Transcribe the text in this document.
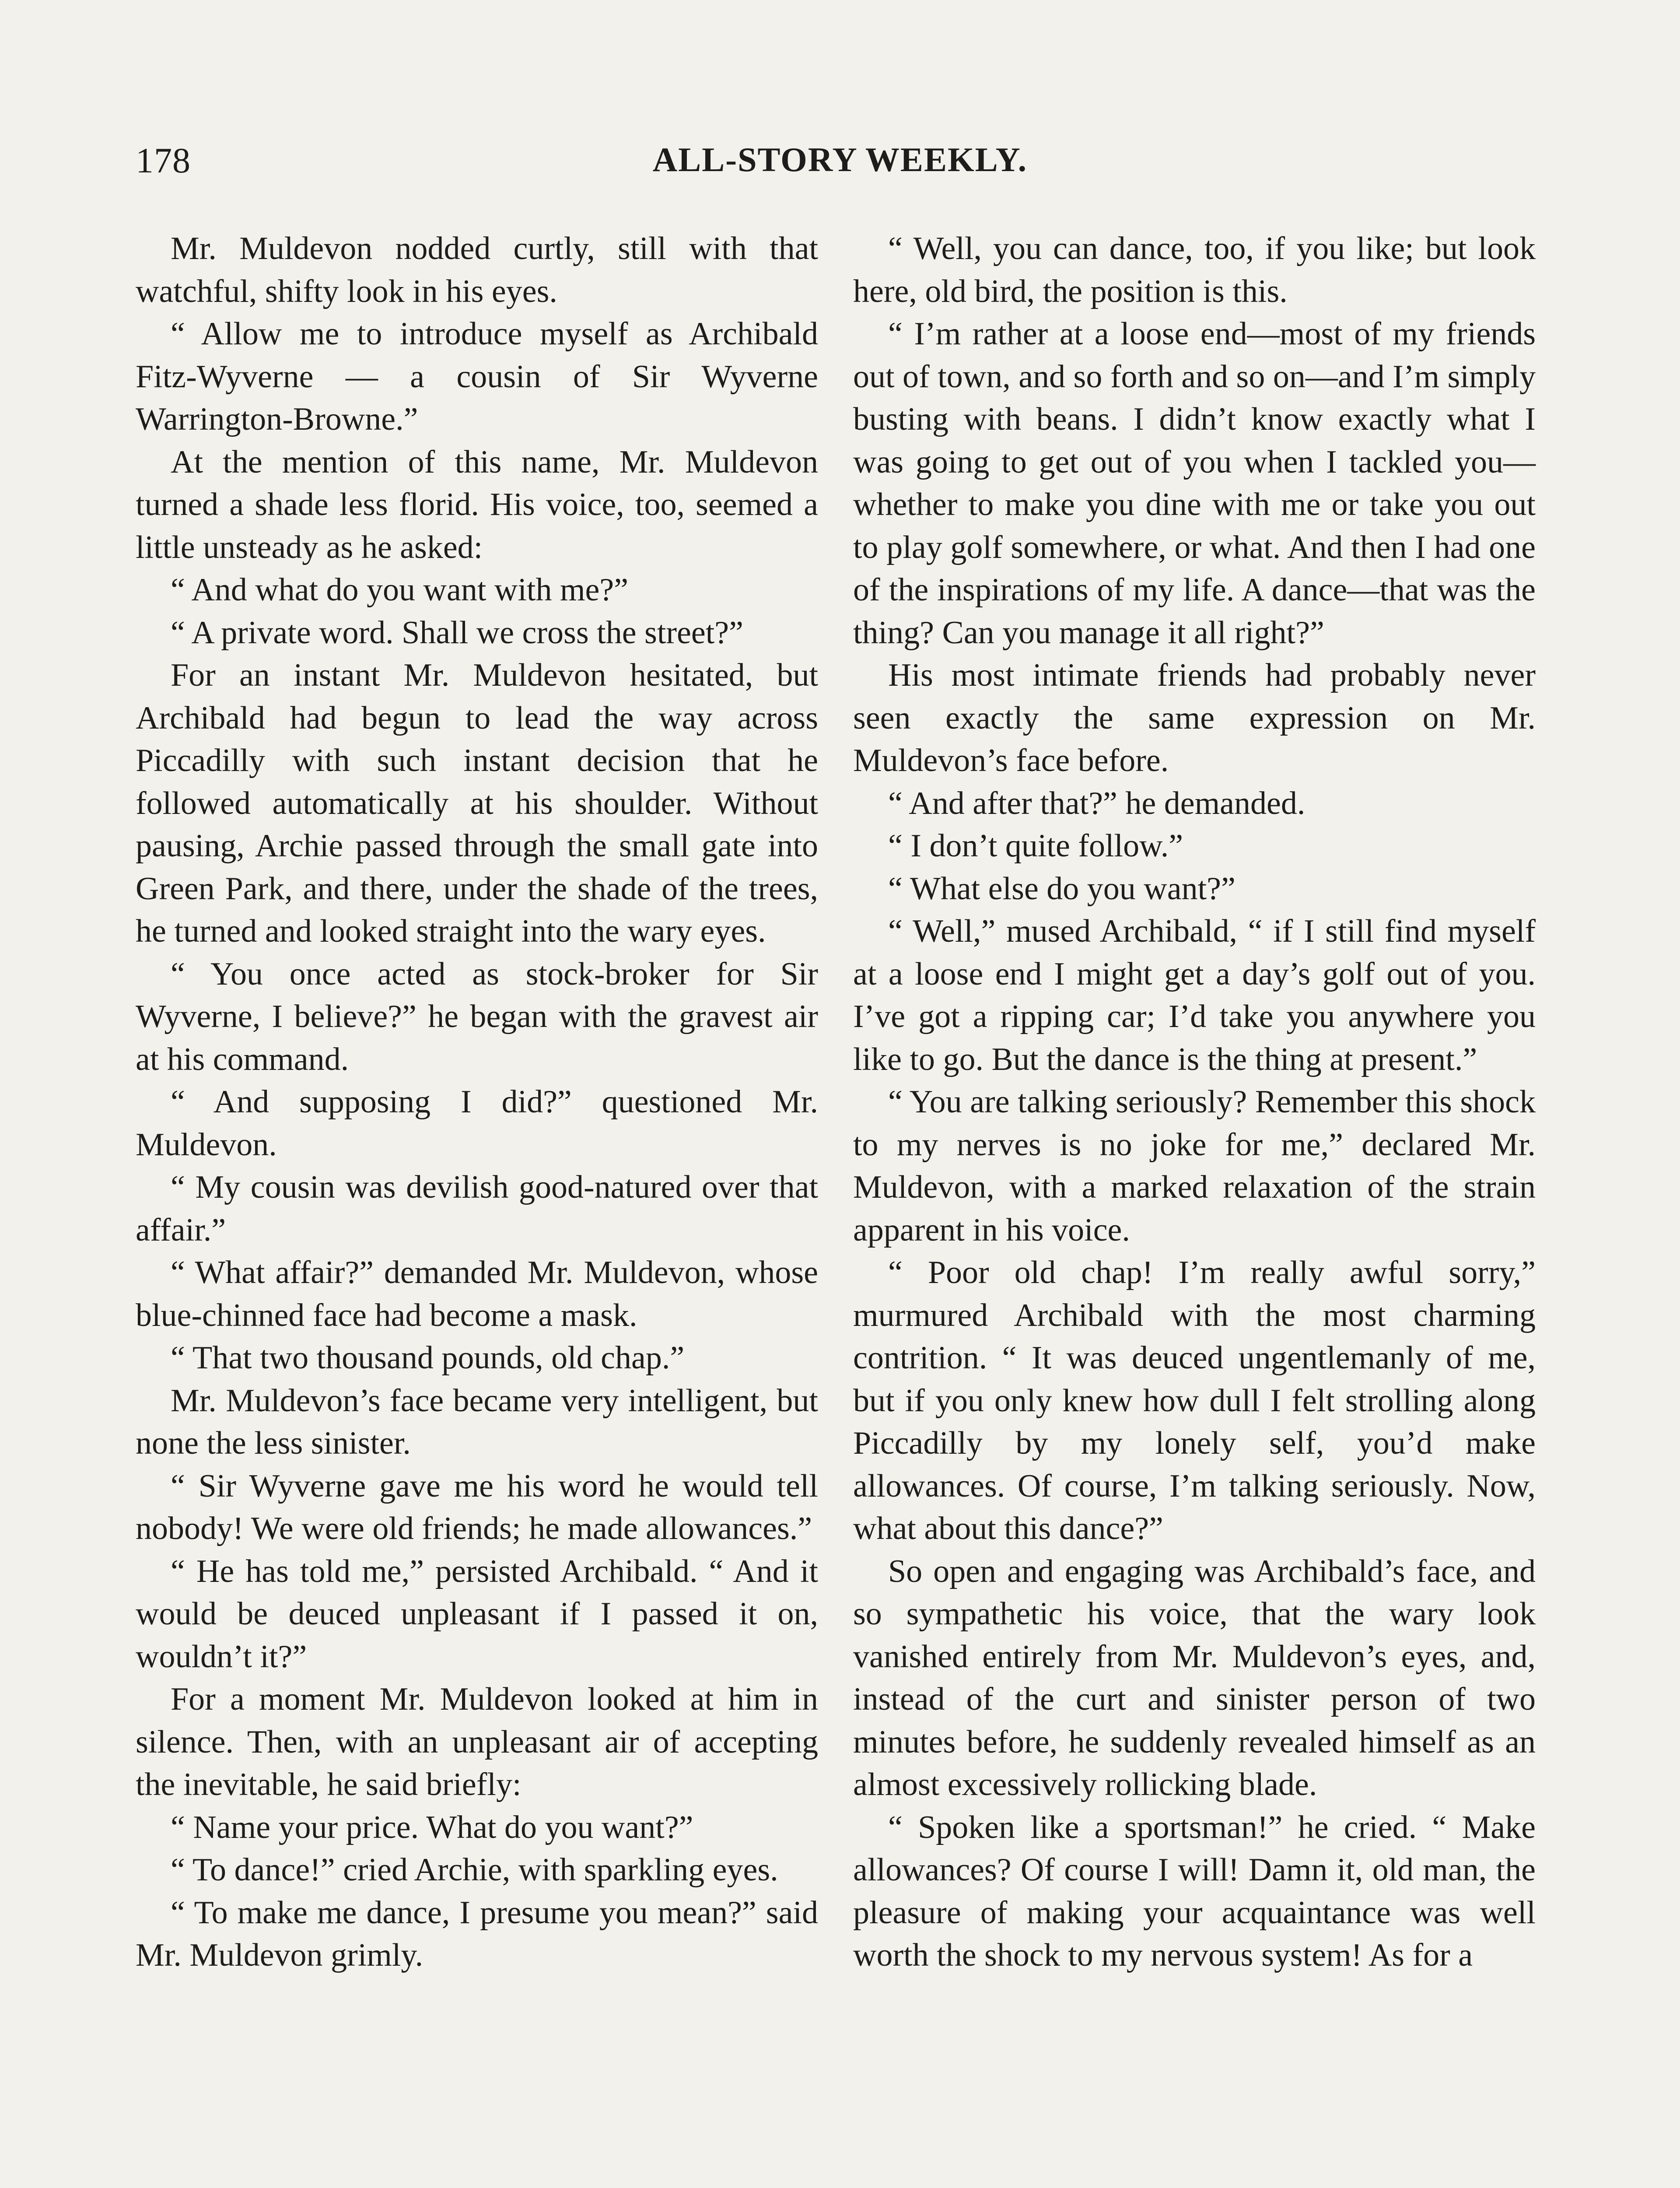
178	ALL-STORY WEEKLY.

Mr. Muldevon nodded curtly, still with that watchful, shifty look in his eyes.

“ Allow me to introduce myself as Archibald Fitz-Wyverne — a cousin of Sir Wyverne Warrington-Browne.”

At the mention of this name, Mr. Muldevon turned a shade less florid. His voice, too, seemed a little unsteady as he asked:

“ And what do you want with me?”

“ A private word. Shall we cross the street?”

For an instant Mr. Muldevon hesitated, but Archibald had begun to lead the way across Piccadilly with such instant decision that he followed automatically at his shoulder. Without pausing, Archie passed through the small gate into Green Park, and there, under the shade of the trees, he turned and looked straight into the wary eyes.

“ You once acted as stock-broker for Sir Wyverne, I believe?” he began with the gravest air at his command.

“ And supposing I did?” questioned Mr. Muldevon.

“ My cousin was devilish good-natured over that affair.”

“ What affair?” demanded Mr. Muldevon, whose blue-chinned face had become a mask.

“ That two thousand pounds, old chap.”

Mr. Muldevon’s face became very intelligent, but none the less sinister.

“ Sir Wyverne gave me his word he would tell nobody! We were old friends; he made allowances.”

“ He has told me,” persisted Archibald. “ And it would be deuced unpleasant if I passed it on, wouldn’t it?”

For a moment Mr. Muldevon looked at him in silence. Then, with an unpleasant air of accepting the inevitable, he said briefly:

“ Name your price. What do you want?”

“ To dance!” cried Archie, with sparkling eyes.

“ To make me dance, I presume you mean?” said Mr. Muldevon grimly.

“ Well, you can dance, too, if you like; but look here, old bird, the position is this.

“ I’m rather at a loose end—most of my friends out of town, and so forth and so on—and I’m simply busting with beans. I didn’t know exactly what I was going to get out of you when I tackled you—whether to make you dine with me or take you out to play golf somewhere, or what. And then I had one of the inspirations of my life. A dance—that was the thing? Can you manage it all right?”

His most intimate friends had probably never seen exactly the same expression on Mr. Muldevon’s face before.

“ And after that?” he demanded.

“ I don’t quite follow.”

“ What else do you want?”

“ Well,” mused Archibald, “ if I still find myself at a loose end I might get a day’s golf out of you. I’ve got a ripping car; I’d take you anywhere you like to go. But the dance is the thing at present.”

“ You are talking seriously? Remember this shock to my nerves is no joke for me,” declared Mr. Muldevon, with a marked relaxation of the strain apparent in his voice.

“ Poor old chap! I’m really awful sorry,” murmured Archibald with the most charming contrition. “ It was deuced ungentlemanly of me, but if you only knew how dull I felt strolling along Piccadilly by my lonely self, you’d make allowances. Of course, I’m talking seriously. Now, what about this dance?”

So open and engaging was Archibald’s face, and so sympathetic his voice, that the wary look vanished entirely from Mr. Muldevon’s eyes, and, instead of the curt and sinister person of two minutes before, he suddenly revealed himself as an almost excessively rollicking blade.

“ Spoken like a sportsman!” he cried. “ Make allowances? Of course I will! Damn it, old man, the pleasure of making your acquaintance was well worth the shock to my nervous system! As for a
